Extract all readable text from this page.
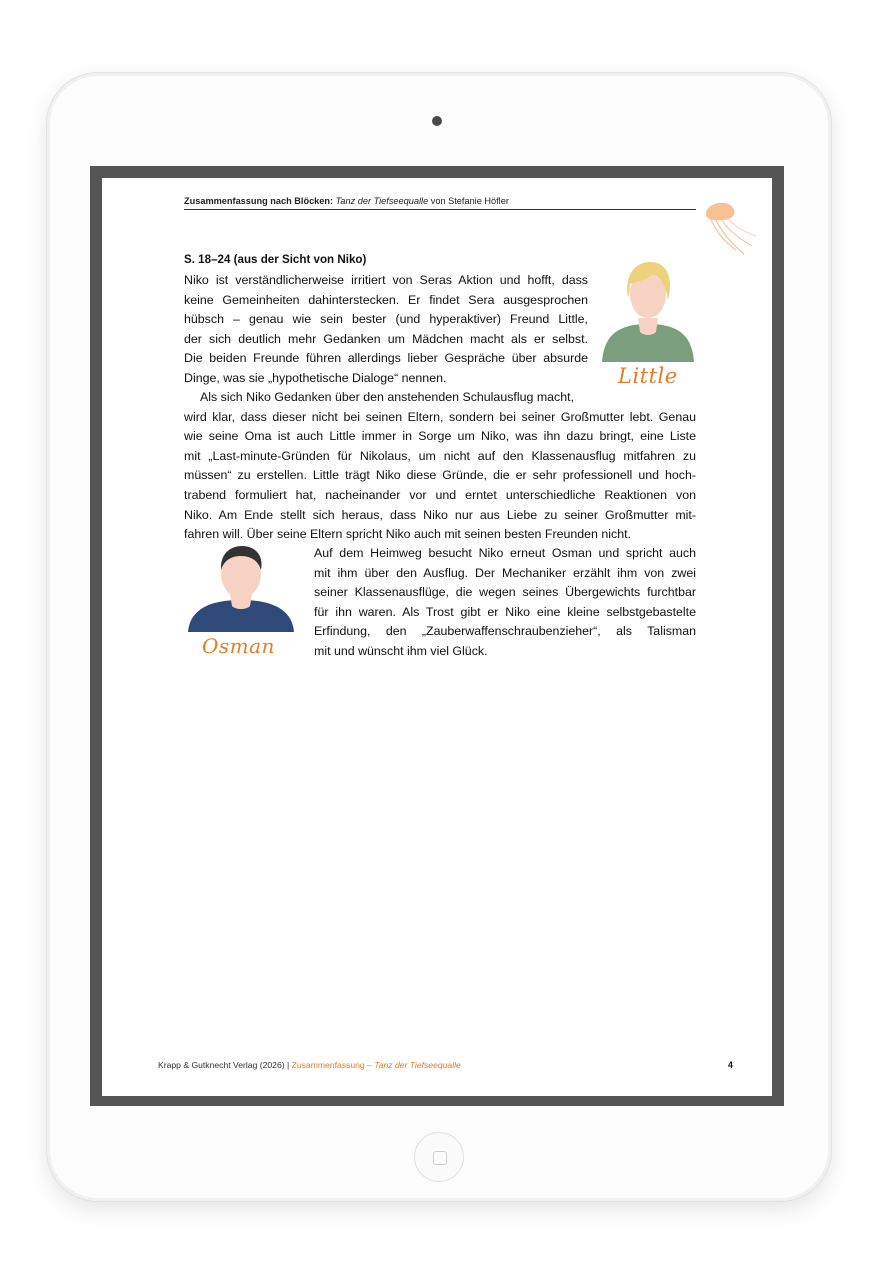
Zusammenfassung nach Blöcken: Tanz der Tiefseequalle von Stefanie Höfler
S. 18–24 (aus der Sicht von Niko)
Niko ist verständlicherweise irritiert von Seras Aktion und hofft, dass
keine Gemeinheiten dahinterstecken. Er findet Sera ausgesprochen
hübsch – genau wie sein bester (und hyperaktiver) Freund Little,
der sich deutlich mehr Gedanken um Mädchen macht als er selbst.
Die beiden Freunde führen allerdings lieber Gespräche über absurde
Dinge, was sie „hypothetische Dialoge“ nennen.	Little
Als sich Niko Gedanken über den anstehenden Schulausflug macht,
wird klar, dass dieser nicht bei seinen Eltern, sondern bei seiner Großmutter lebt. Genau
wie seine Oma ist auch Little immer in Sorge um Niko, was ihn dazu bringt, eine Liste
mit „Last-minute-Gründen für Nikolaus, um nicht auf den Klassenausflug mitfahren zu
müssen“ zu erstellen. Little trägt Niko diese Gründe, die er sehr professionell und hoch-
trabend formuliert hat, nacheinander vor und erntet unterschiedliche Reaktionen von
Niko. Am Ende stellt sich heraus, dass Niko nur aus Liebe zu seiner Großmutter mit-
fahren will. Über seine Eltern spricht Niko auch mit seinen besten Freunden nicht.
Osman
Auf dem Heimweg besucht Niko erneut Osman und spricht auch
mit ihm über den Ausflug. Der Mechaniker erzählt ihm von zwei
seiner Klassenausflüge, die wegen seines Übergewichts furchtbar
für ihn waren. Als Trost gibt er Niko eine kleine selbstgebastelte
Erfindung, den „Zauberwaffenschraubenzieher“, als Talisman
mit und wünscht ihm viel Glück.
Krapp & Gutknecht Verlag (2026) | Zusammenfassung – Tanz der Tiefseequalle	4
